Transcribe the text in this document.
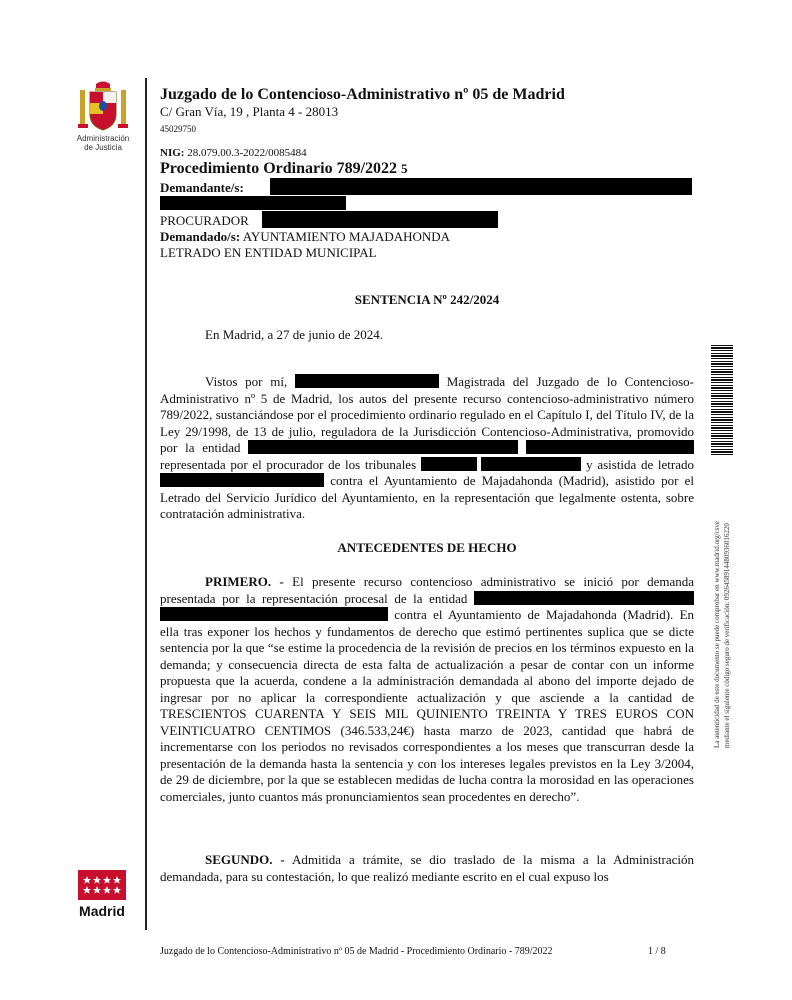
Administración
de Justicia
Madrid
Juzgado de lo Contencioso-Administrativo nº 05 de Madrid
C/ Gran Vía, 19 , Planta 4 - 28013
45029750
NIG: 28.079.00.3-2022/0085484
Procedimiento Ordinario 789/2022 5
Demandante/s:
PROCURADOR
Demandado/s: AYUNTAMIENTO MAJADAHONDA
LETRADO EN ENTIDAD MUNICIPAL
SENTENCIA Nº 242/2024
En Madrid, a 27 de junio de 2024.

Vistos por mí,	Magistrada del Juzgado de lo Contencioso-Administrativo nº 5 de Madrid, los autos del presente recurso contencioso-administrativo número 789/2022, sustanciándose por el procedimiento ordinario regulado en el Capítulo I, del Título IV, de la Ley 29/1998, de 13 de julio, reguladora de la Jurisdicción Contencioso-Administrativa, promovido por la entidad   representada por el procurador de los tribunales	y asistida de letrado  contra el Ayuntamiento de Majadahonda (Madrid), asistido por el Letrado del Servicio Jurídico del Ayuntamiento, en la representación que legalmente ostenta, sobre contratación administrativa.

ANTECEDENTES DE HECHO

PRIMERO. - El presente recurso contencioso administrativo se inició por demanda presentada por la representación procesal de la entidad   contra el Ayuntamiento de Majadahonda (Madrid). En ella tras exponer los hechos y fundamentos de derecho que estimó pertinentes suplica que se dicte sentencia por la que “se estime la procedencia de la revisión de precios en los términos expuesto en la demanda; y consecuencia directa de esta falta de actualización a pesar de contar con un informe propuesta que la acuerda, condene a la administración demandada al abono del importe dejado de ingresar por no aplicar la correspondiente actualización y que asciende a la cantidad de TRESCIENTOS CUARENTA Y SEIS MIL QUINIENTO TREINTA Y TRES EUROS CON VEINTICUATRO CENTIMOS (346.533,24€) hasta marzo de 2023, cantidad que habrá de incrementarse con los periodos no revisados correspondientes a los meses que transcurran desde la presentación de la demanda hasta la sentencia y con los intereses legales previstos en la Ley 3/2004, de 29 de diciembre, por la que se establecen medidas de lucha contra la morosidad en las operaciones comerciales, junto cuantos más pronunciamientos sean procedentes en derecho”.

SEGUNDO. - Admitida a trámite, se dio traslado de la misma a la Administración demandada, para su contestación, lo que realizó mediante escrito en el cual expuso los

La autenticidad de este documento se puede comprobar en www.madrid.org/csve mediante el siguiente código seguro de verificación: 0926458914480936016220
Juzgado de lo Contencioso-Administrativo nº 05 de Madrid - Procedimiento Ordinario - 789/2022	1 / 8
